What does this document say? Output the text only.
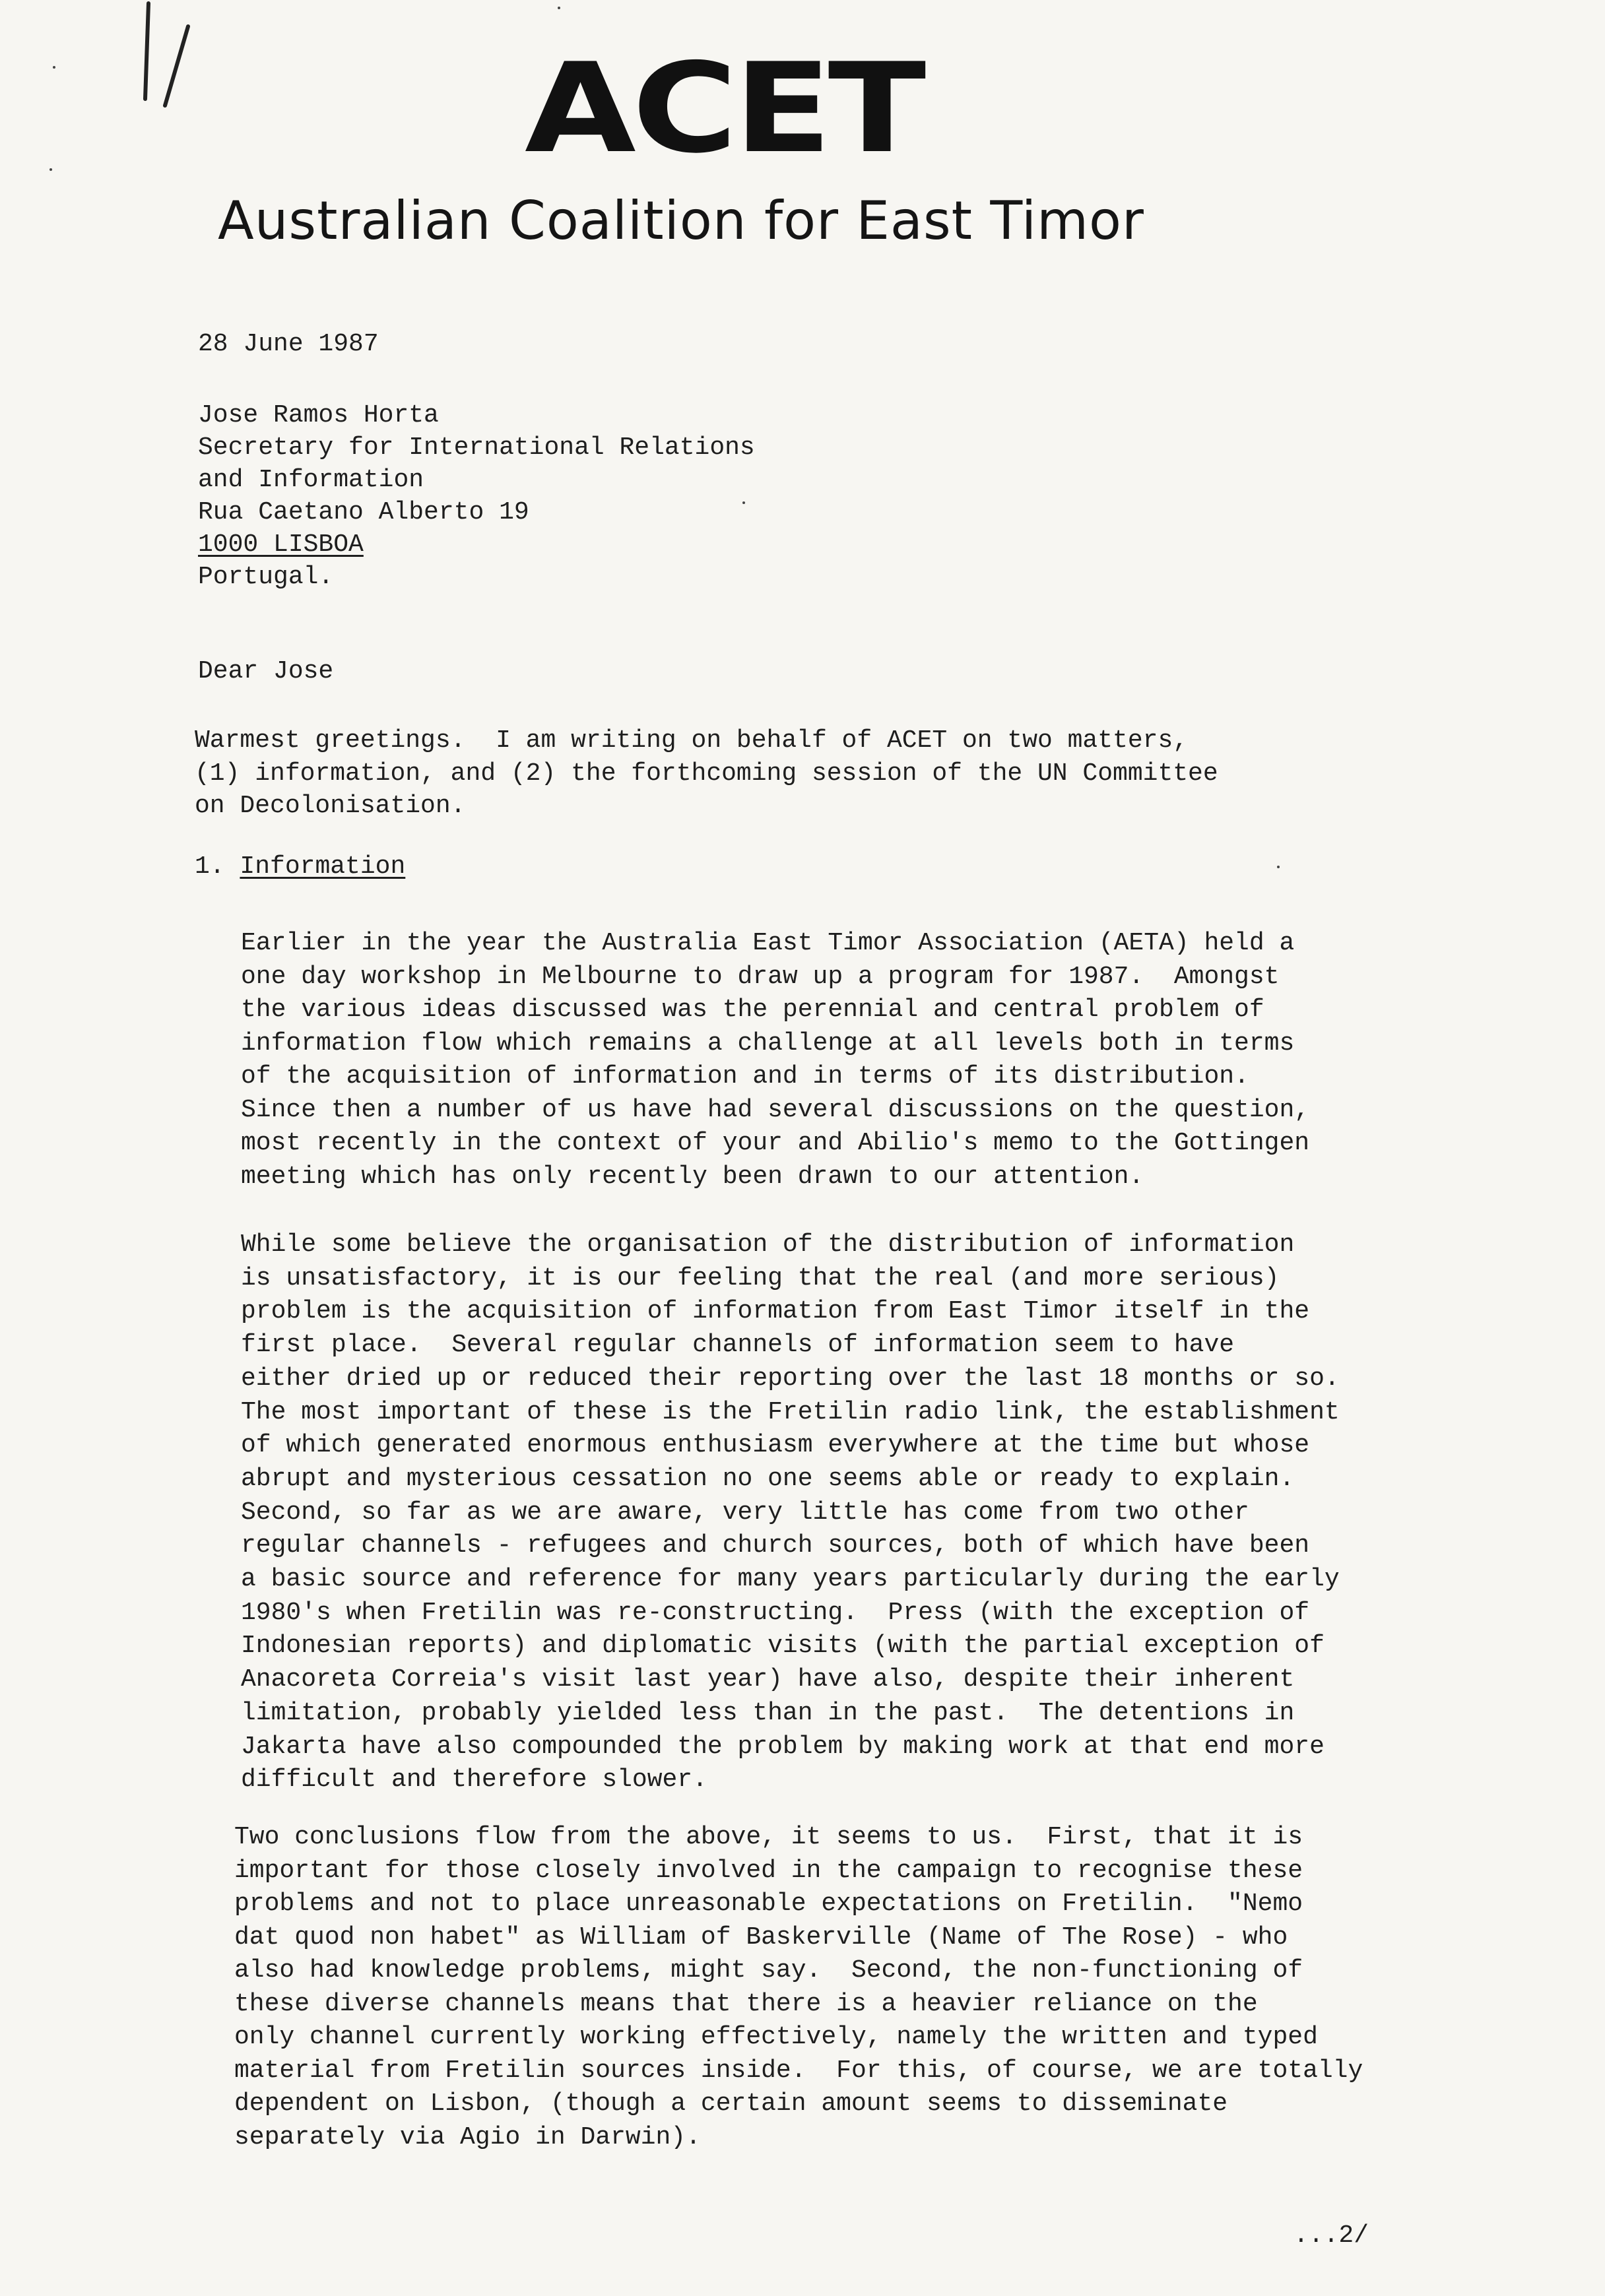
ACET
Australian Coalition for East Timor
28 June 1987
Jose Ramos Horta
Secretary for International Relations
and Information
Rua Caetano Alberto 19
1000 LISBOA
Portugal.
Dear Jose
Warmest greetings.  I am writing on behalf of ACET on two matters,
(1) information, and (2) the forthcoming session of the UN Committee
on Decolonisation.
1. Information
Earlier in the year the Australia East Timor Association (AETA) held a
one day workshop in Melbourne to draw up a program for 1987.  Amongst
the various ideas discussed was the perennial and central problem of
information flow which remains a challenge at all levels both in terms
of the acquisition of information and in terms of its distribution.
Since then a number of us have had several discussions on the question,
most recently in the context of your and Abilio's memo to the Gottingen
meeting which has only recently been drawn to our attention.
While some believe the organisation of the distribution of information
is unsatisfactory, it is our feeling that the real (and more serious)
problem is the acquisition of information from East Timor itself in the
first place.  Several regular channels of information seem to have
either dried up or reduced their reporting over the last 18 months or so.
The most important of these is the Fretilin radio link, the establishment
of which generated enormous enthusiasm everywhere at the time but whose
abrupt and mysterious cessation no one seems able or ready to explain.
Second, so far as we are aware, very little has come from two other
regular channels - refugees and church sources, both of which have been
a basic source and reference for many years particularly during the early
1980's when Fretilin was re-constructing.  Press (with the exception of
Indonesian reports) and diplomatic visits (with the partial exception of
Anacoreta Correia's visit last year) have also, despite their inherent
limitation, probably yielded less than in the past.  The detentions in
Jakarta have also compounded the problem by making work at that end more
difficult and therefore slower.
Two conclusions flow from the above, it seems to us.  First, that it is
important for those closely involved in the campaign to recognise these
problems and not to place unreasonable expectations on Fretilin.  "Nemo
dat quod non habet" as William of Baskerville (Name of The Rose) - who
also had knowledge problems, might say.  Second, the non-functioning of
these diverse channels means that there is a heavier reliance on the
only channel currently working effectively, namely the written and typed
material from Fretilin sources inside.  For this, of course, we are totally
dependent on Lisbon, (though a certain amount seems to disseminate
separately via Agio in Darwin).
...2/
